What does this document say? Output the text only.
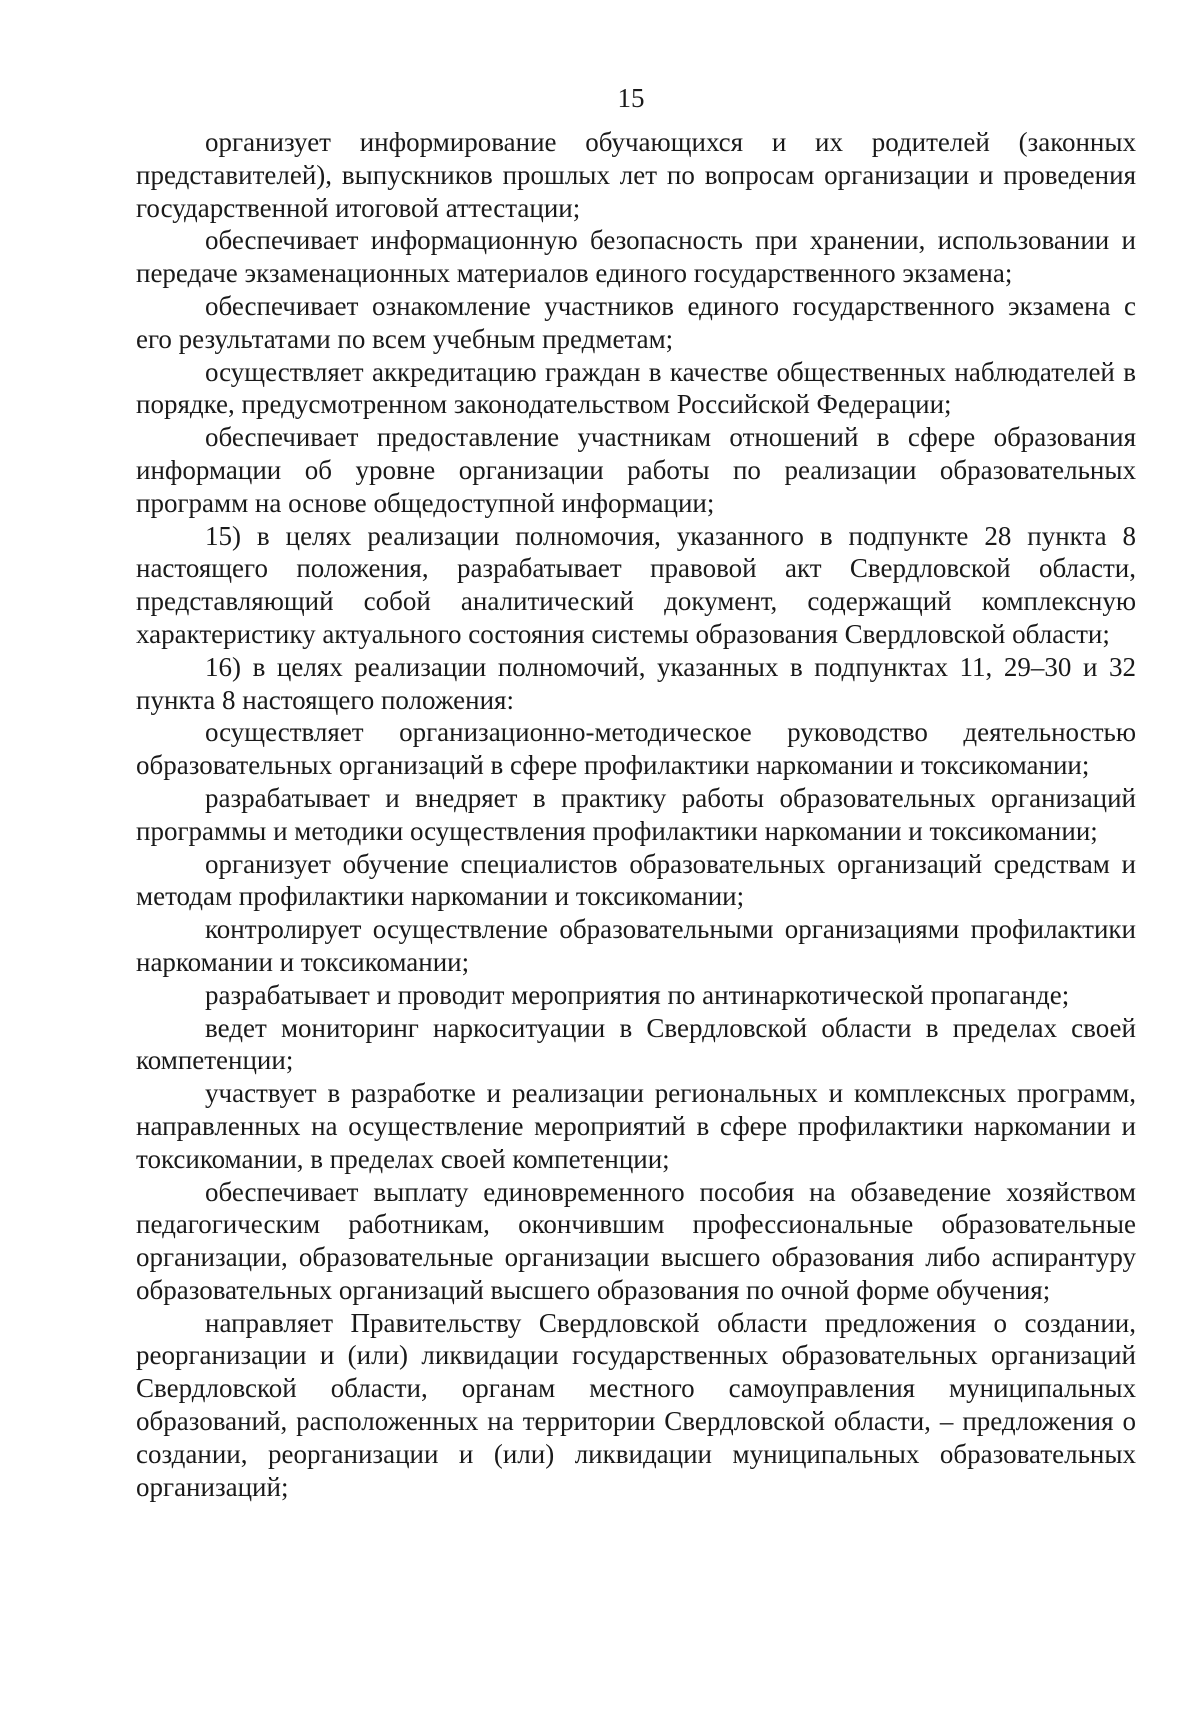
15

организует информирование обучающихся и их родителей (законных представителей), выпускников прошлых лет по вопросам организации и проведения государственной итоговой аттестации;

обеспечивает информационную безопасность при хранении, использовании и передаче экзаменационных материалов единого государственного экзамена;

обеспечивает ознакомление участников единого государственного экзамена с его результатами по всем учебным предметам;

осуществляет аккредитацию граждан в качестве общественных наблюдателей в порядке, предусмотренном законодательством Российской Федерации;

обеспечивает предоставление участникам отношений в сфере образования информации об уровне организации работы по реализации образовательных программ на основе общедоступной информации;

15) в целях реализации полномочия, указанного в подпункте 28 пункта 8 настоящего положения, разрабатывает правовой акт Свердловской области, представляющий собой аналитический документ, содержащий комплексную характеристику актуального состояния системы образования Свердловской области;

16) в целях реализации полномочий, указанных в подпунктах 11, 29–30 и 32 пункта 8 настоящего положения:

осуществляет организационно-методическое руководство деятельностью образовательных организаций в сфере профилактики наркомании и токсикомании;

разрабатывает и внедряет в практику работы образовательных организаций программы и методики осуществления профилактики наркомании и токсикомании;

организует обучение специалистов образовательных организаций средствам и методам профилактики наркомании и токсикомании;

контролирует осуществление образовательными организациями профилактики наркомании и токсикомании;

разрабатывает и проводит мероприятия по антинаркотической пропаганде;

ведет мониторинг наркоситуации в Свердловской области в пределах своей компетенции;

участвует в разработке и реализации региональных и комплексных программ, направленных на осуществление мероприятий в сфере профилактики наркомании и токсикомании, в пределах своей компетенции;

обеспечивает выплату единовременного пособия на обзаведение хозяйством педагогическим работникам, окончившим профессиональные образовательные организации, образовательные организации высшего образования либо аспирантуру образовательных организаций высшего образования по очной форме обучения;

направляет Правительству Свердловской области предложения о создании, реорганизации и (или) ликвидации государственных образовательных организаций Свердловской области, органам местного самоуправления муниципальных образований, расположенных на территории Свердловской области, – предложения о создании, реорганизации и (или) ликвидации муниципальных образовательных организаций;
